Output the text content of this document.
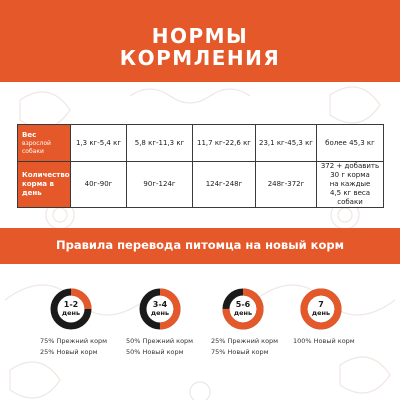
НОРМЫ
КОРМЛЕНИЯ
Вес
взрослой собаки	1,3 кг-5,4 кг	5,8 кг-11,3 кг	11,7 кг-22,6 кг	23,1 кг-45,3 кг	более 45,3 кг
Количество корма в день	40г-90г	90г-124г	124г-248г	248г-372г	372 + добавить
30 г корма
на каждые
4,5 кг веса собаки
Правила перевода питомца на новый корм
1-2
день
75% Прежний корм
25% Новый корм
3-4
день
50% Прежний корм
50% Новый корм
5-6
день
25% Прежний корм
75% Новый корм
7
день
100% Новый корм
